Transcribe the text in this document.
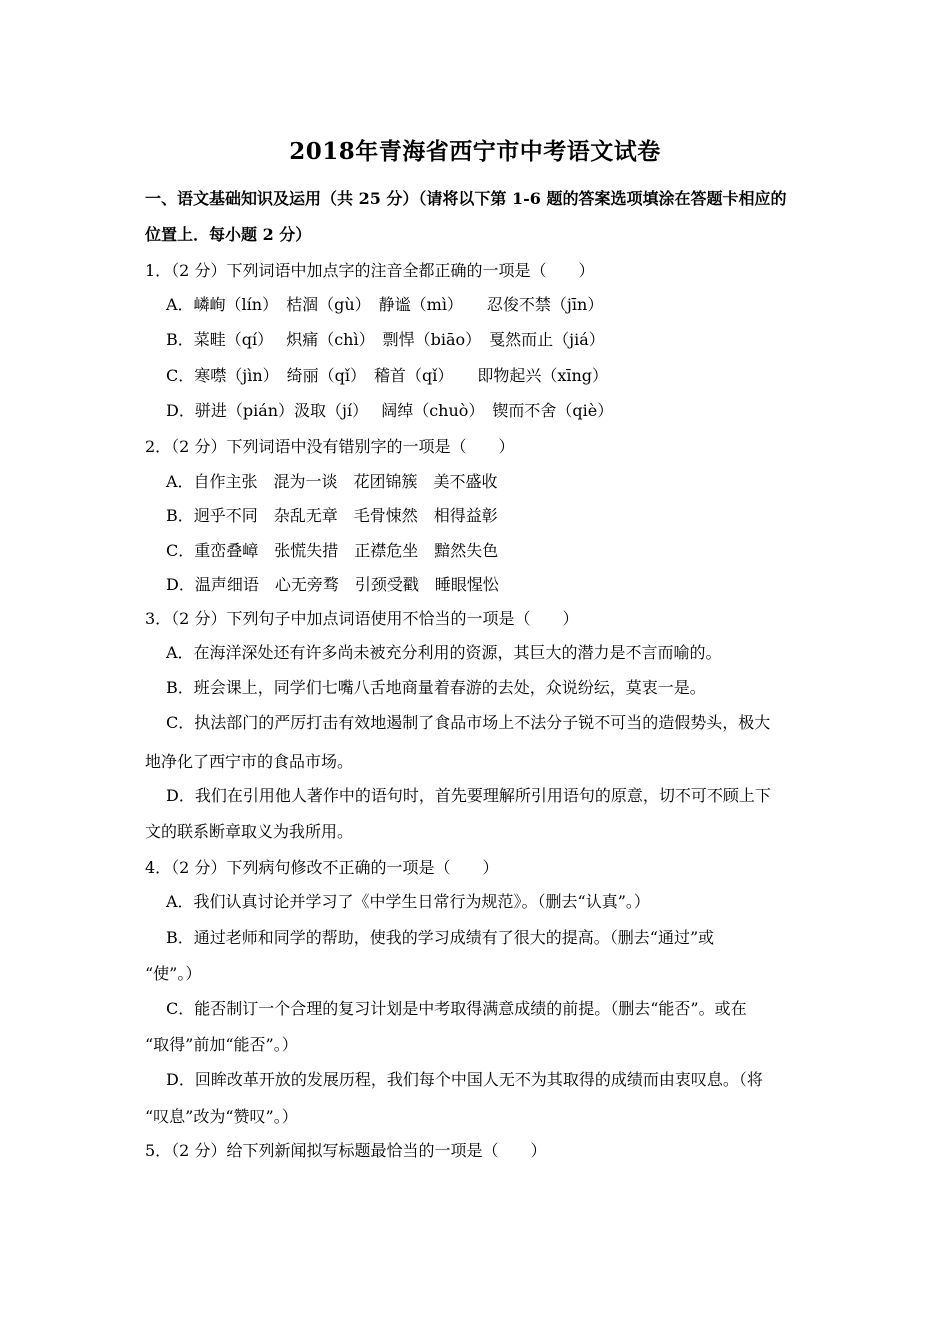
2018年青海省西宁市中考语文试卷
一、语文基础知识及运用（共 25 分）（请将以下第 1-6 题的答案选项填涂在答题卡相应的
位置上．每小题 2 分）
1．（2 分）下列词语中加点字的注音全都正确的一项是（　　）
A．嶙峋（lín）　桔涸（gù）　静谧（mì）　　忍俊不禁（jīn）
B．菜畦（qí）　 炽痛（chì）　剽悍（biāo）　戛然而止（jiá）
C．寒噤（jìn）　绮丽（qǐ）　稽首（qǐ）　　即物起兴（xīng）
D．骈进（pián）汲取（jí）　 阔绰（chuò）　锲而不舍（qiè）
2．（2 分）下列词语中没有错别字的一项是（　　）
A．自作主张　混为一谈　花团锦簇　美不盛收
B．迥乎不同　杂乱无章　毛骨悚然　相得益彰
C．重峦叠嶂　张慌失措　正襟危坐　黯然失色
D．温声细语　心无旁骛　引颈受戳　睡眼惺忪
3．（2 分）下列句子中加点词语使用不恰当的一项是（　　）
A．在海洋深处还有许多尚未被充分利用的资源，其巨大的潜力是不言而喻的。
B．班会课上，同学们七嘴八舌地商量着春游的去处，众说纷纭，莫衷一是。
C．执法部门的严厉打击有效地遏制了食品市场上不法分子锐不可当的造假势头，极大
地净化了西宁市的食品市场。
D．我们在引用他人著作中的语句时，首先要理解所引用语句的原意，切不可不顾上下
文的联系断章取义为我所用。
4．（2 分）下列病句修改不正确的一项是（　　）
A．我们认真讨论并学习了《中学生日常行为规范》。（删去“认真”。）
B．通过老师和同学的帮助，使我的学习成绩有了很大的提高。（删去“通过”或
“使”。）
C．能否制订一个合理的复习计划是中考取得满意成绩的前提。（删去“能否”。或在
“取得”前加“能否”。）
D．回眸改革开放的发展历程，我们每个中国人无不为其取得的成绩而由衷叹息。（将
“叹息”改为“赞叹”。）
5．（2 分）给下列新闻拟写标题最恰当的一项是（　　）
